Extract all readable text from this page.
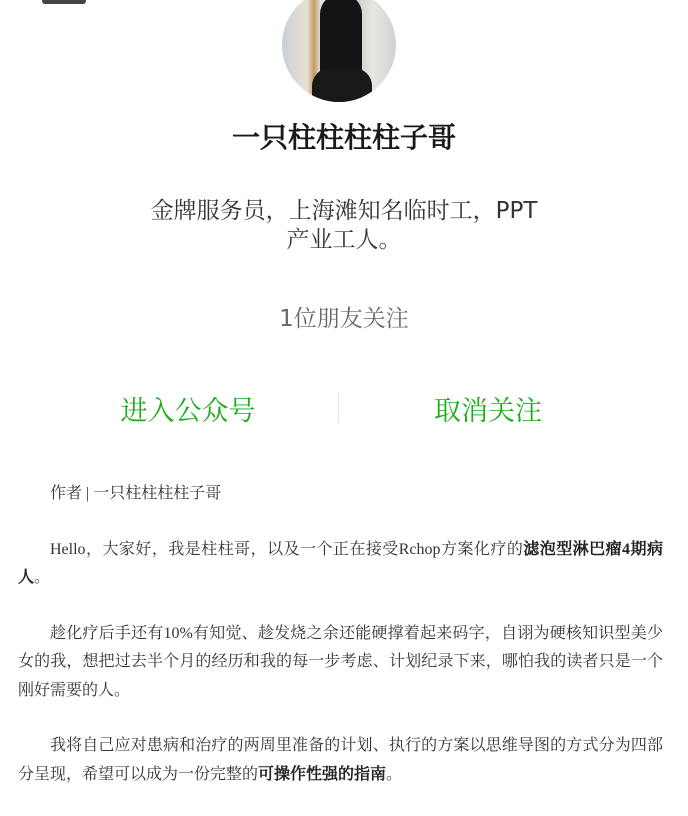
一只柱柱柱柱子哥
金牌服务员，上海滩知名临时工，PPT
产业工人。
1位朋友关注
进入公众号	取消关注

作者 | 一只柱柱柱柱子哥

Hello，大家好，我是柱柱哥，以及一个正在接受Rchop方案化疗的滤泡型淋巴瘤4期病人。

趁化疗后手还有10%有知觉、趁发烧之余还能硬撑着起来码字，自诩为硬核知识型美少女的我，想把过去半个月的经历和我的每一步考虑、计划纪录下来，哪怕我的读者只是一个刚好需要的人。

我将自己应对患病和治疗的两周里准备的计划、执行的方案以思维导图的方式分为四部分呈现，希望可以成为一份完整的可操作性强的指南。
